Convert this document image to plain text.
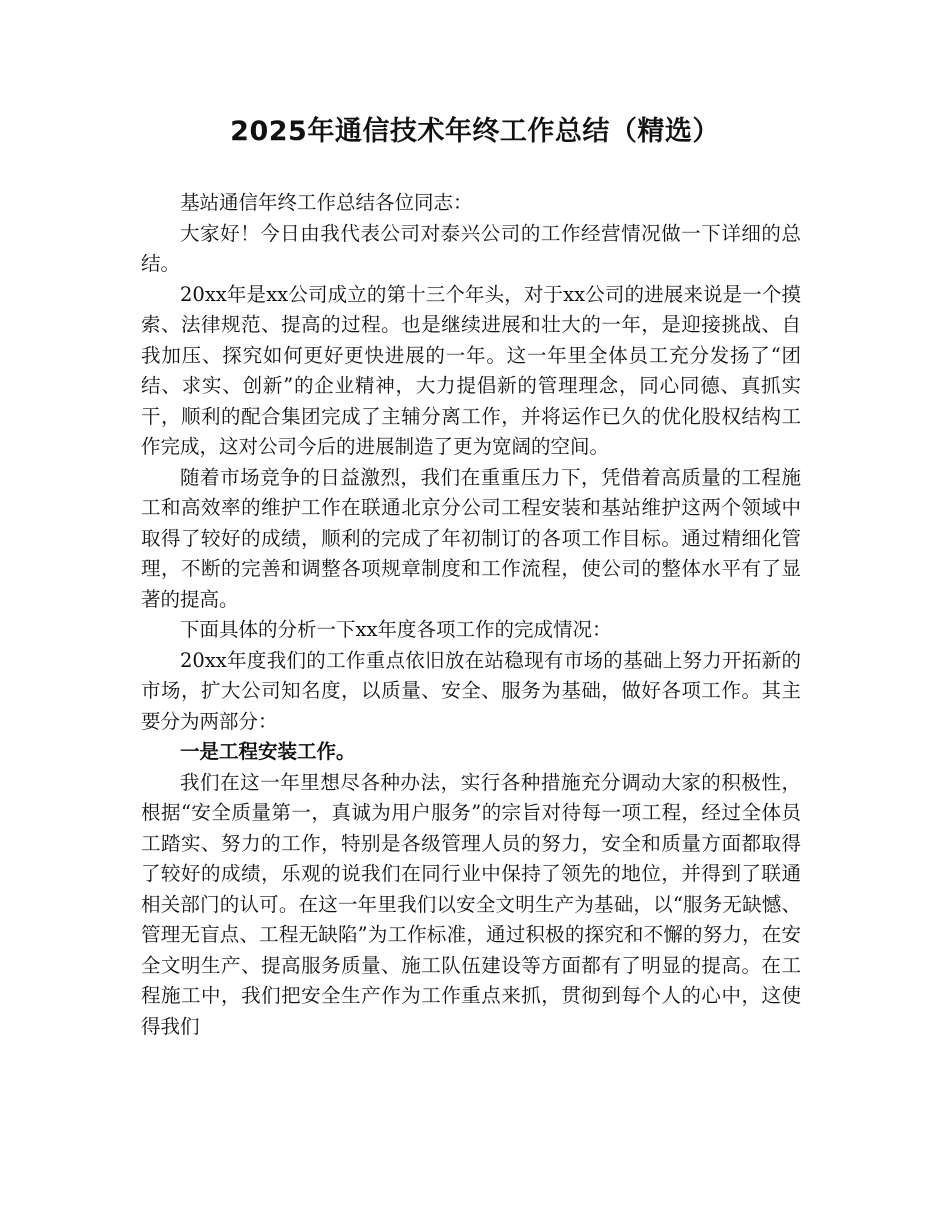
2025年通信技术年终工作总结（精选）

基站通信年终工作总结各位同志：

大家好！今日由我代表公司对泰兴公司的工作经营情况做一下详细的总结。

20xx年是xx公司成立的第十三个年头，对于xx公司的进展来说是一个摸索、法律规范、提高的过程。也是继续进展和壮大的一年，是迎接挑战、自我加压、探究如何更好更快进展的一年。这一年里全体员工充分发扬了“团结、求实、创新”的企业精神，大力提倡新的管理理念，同心同德、真抓实干，顺利的配合集团完成了主辅分离工作，并将运作已久的优化股权结构工作完成，这对公司今后的进展制造了更为宽阔的空间。

随着市场竞争的日益激烈，我们在重重压力下，凭借着高质量的工程施工和高效率的维护工作在联通北京分公司工程安装和基站维护这两个领域中取得了较好的成绩，顺利的完成了年初制订的各项工作目标。通过精细化管理，不断的完善和调整各项规章制度和工作流程，使公司的整体水平有了显著的提高。

下面具体的分析一下xx年度各项工作的完成情况：

20xx年度我们的工作重点依旧放在站稳现有市场的基础上努力开拓新的市场，扩大公司知名度，以质量、安全、服务为基础，做好各项工作。其主要分为两部分：

一是工程安装工作。

我们在这一年里想尽各种办法，实行各种措施充分调动大家的积极性，根据“安全质量第一，真诚为用户服务”的宗旨对待每一项工程，经过全体员工踏实、努力的工作，特别是各级管理人员的努力，安全和质量方面都取得了较好的成绩，乐观的说我们在同行业中保持了领先的地位，并得到了联通相关部门的认可。在这一年里我们以安全文明生产为基础，以“服务无缺憾、管理无盲点、工程无缺陷”为工作标准，通过积极的探究和不懈的努力，在安全文明生产、提高服务质量、施工队伍建设等方面都有了明显的提高。在工程施工中，我们把安全生产作为工作重点来抓，贯彻到每个人的心中，这使得我们
